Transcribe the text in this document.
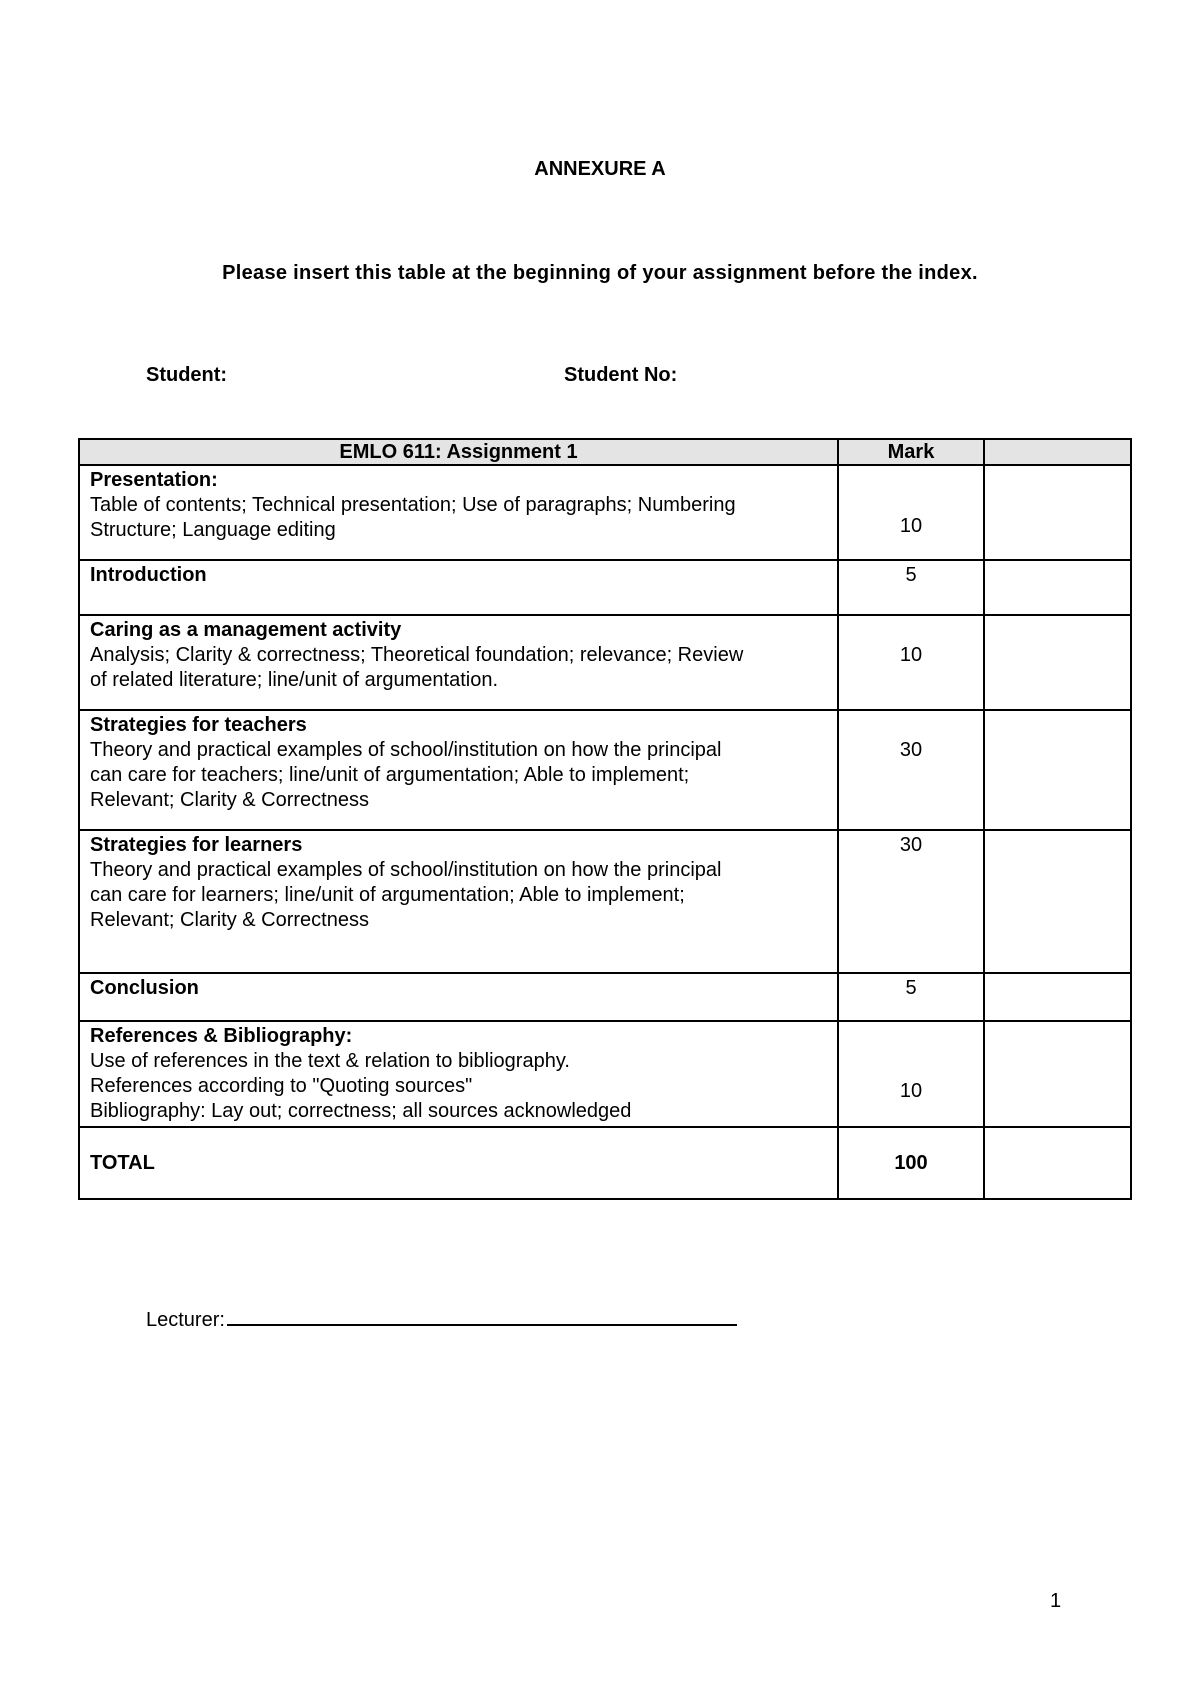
ANNEXURE A
Please insert this table at the beginning of your assignment before the index.
Student:	Student No:
EMLO 611: Assignment 1	Mark	

Presentation:
Table of contents; Technical presentation; Use of paragraphs; Numbering
Structure; Language editing	10	

Introduction	5	

Caring as a management activity
Analysis; Clarity & correctness; Theoretical foundation; relevance; Review
of related literature; line/unit of argumentation.	10	

Strategies for teachers
Theory and practical examples of school/institution on how the principal
can care for teachers; line/unit of argumentation; Able to implement;
Relevant; Clarity & Correctness	30	

Strategies for learners
Theory and practical examples of school/institution on how the principal
can care for learners; line/unit of argumentation; Able to implement;
Relevant; Clarity & Correctness	30	

Conclusion	5	

References & Bibliography:
Use of references in the text & relation to bibliography.
References according to "Quoting sources"
Bibliography: Lay out; correctness; all sources acknowledged	10	
TOTAL	100	
Lecturer:
1
